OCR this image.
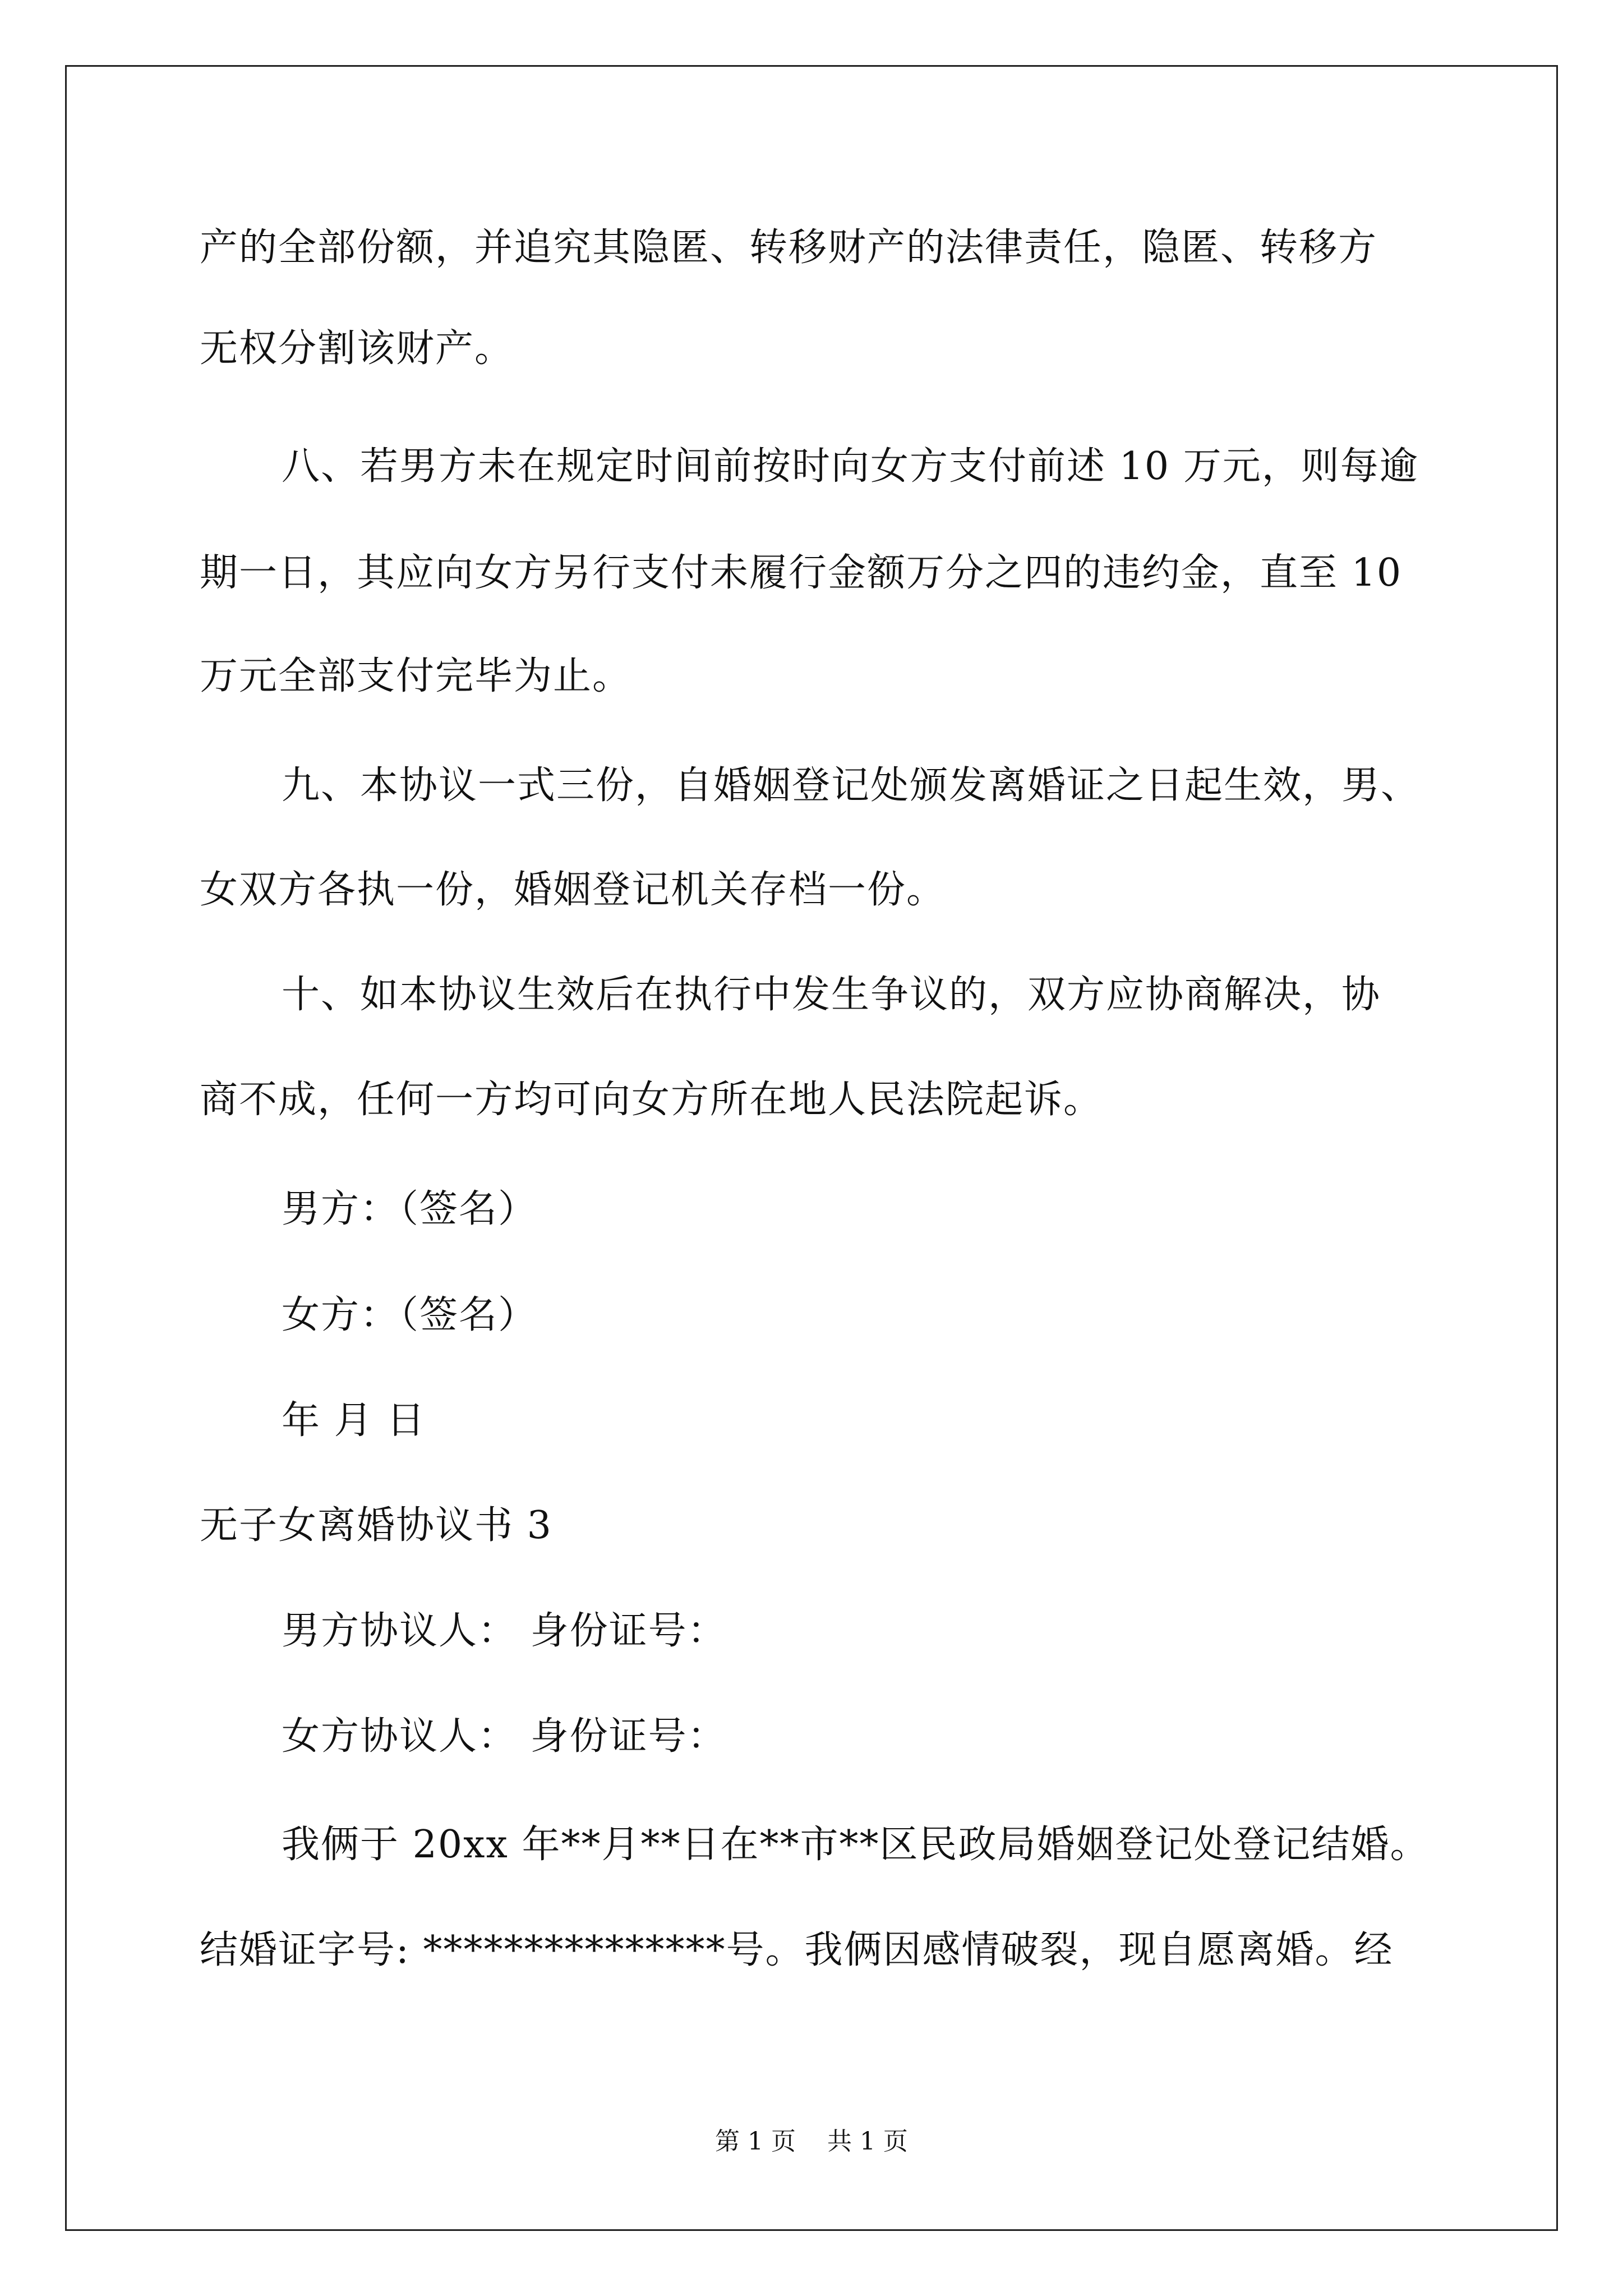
产的全部份额，并追究其隐匿、转移财产的法律责任，隐匿、转移方
无权分割该财产。
八、若男方未在规定时间前按时向女方支付前述 10 万元，则每逾
期一日，其应向女方另行支付未履行金额万分之四的违约金，直至 10
万元全部支付完毕为止。
九、本协议一式三份，自婚姻登记处颁发离婚证之日起生效，男、
女双方各执一份，婚姻登记机关存档一份。
十、如本协议生效后在执行中发生争议的，双方应协商解决，协
商不成，任何一方均可向女方所在地人民法院起诉。
男方：（签名）
女方：（签名）
年 月 日
无子女离婚协议书 3
男方协议人： 身份证号：
女方协议人： 身份证号：
我俩于 20xx 年**月**日在**市**区民政局婚姻登记处登记结婚。
结婚证字号: ***************号。我俩因感情破裂，现自愿离婚。经
第 1 页    共 1 页
